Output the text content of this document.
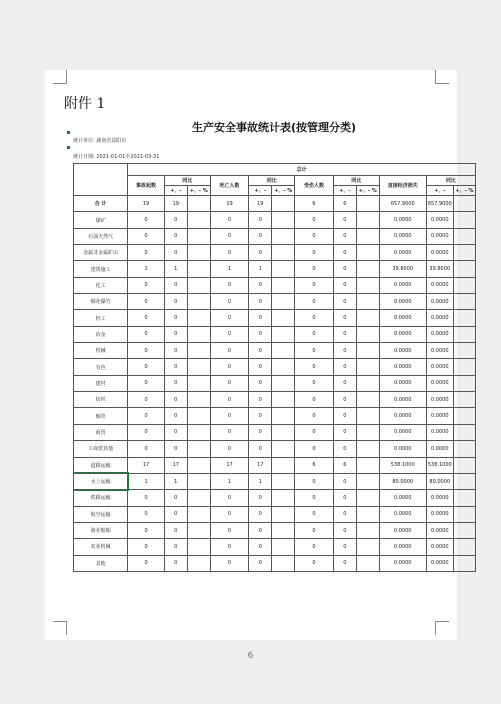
附件 1
生产安全事故统计表(按管理分类)
统计单位: 湖南省益阳市
统计日期: 2021-01-01至2021-03-31
	总计											
	事故起数	同比		死亡人数	同比		受伤人数	同比		直接经济损失	同比	
		+、-	+、- %		+、-	+、- %		+、-	+、- %		+、-	+、- %
合 计	19	19		19	19		6	6		657.9000	657.9000	
煤矿	0	0		0	0		0	0		0.0000	0.0000	
石油天然气	0	0		0	0		0	0		0.0000	0.0000	
金属非金属矿山	0	0		0	0		0	0		0.0000	0.0000	
建筑施工	1	1		1	1		0	0		39.8000	39.8000	
化工	0	0		0	0		0	0		0.0000	0.0000	
烟花爆竹	0	0		0	0		0	0		0.0000	0.0000	
轻工	0	0		0	0		0	0		0.0000	0.0000	
冶金	0	0		0	0		0	0		0.0000	0.0000	
机械	0	0		0	0		0	0		0.0000	0.0000	
有色	0	0		0	0		0	0		0.0000	0.0000	
建材	0	0		0	0		0	0		0.0000	0.0000	
纺织	0	0		0	0		0	0		0.0000	0.0000	
烟草	0	0		0	0		0	0		0.0000	0.0000	
商贸	0	0		0	0		0	0		0.0000	0.0000	
工商贸其他	0	0		0	0		0	0		0.0000	0.0000	
道路运输	17	17		17	17		6	6		538.1000	538.1000	
水上运输	1	1		1	1		0	0		80.0000	80.0000	
铁路运输	0	0		0	0		0	0		0.0000	0.0000	
航空运输	0	0		0	0		0	0		0.0000	0.0000	
渔业船舶	0	0		0	0		0	0		0.0000	0.0000	
农业机械	0	0		0	0		0	0		0.0000	0.0000	
其他	0	0		0	0		0	0		0.0000	0.0000	
6
